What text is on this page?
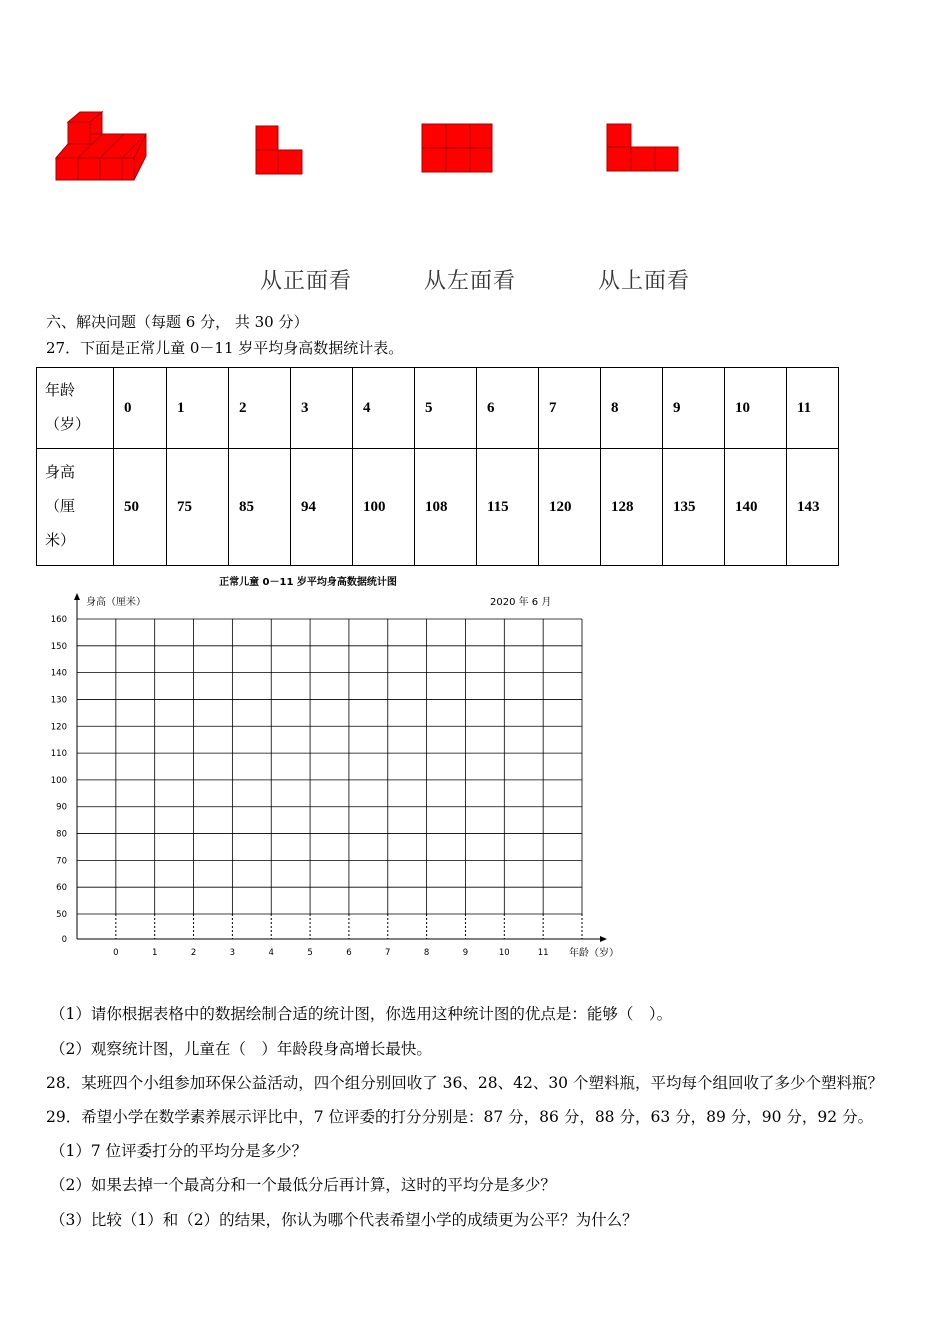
从正面看	从左面看	从上面看
六、解决问题（每题 6 分， 共 30 分）
27．下面是正常儿童 0－11 岁平均身高数据统计表。
年龄
（岁）	0	1	2	3	4	5	6	7	8	9	10	11

身高
（厘
米）	50	75	85	94	100	108	115	120	128	135	140	143
正常儿童 0－11 岁平均身高数据统计图
身高（厘米）	2020 年 6 月
年龄（岁）
0
50
60
70
80
90
100
110
120
130
140
150
160
0	1	2	3	4	5	6	7	8	9	10	11
（1）请你根据表格中的数据绘制合适的统计图，你选用这种统计图的优点是：能够（　）。
（2）观察统计图，儿童在（　）年龄段身高增长最快。
28．某班四个小组参加环保公益活动，四个组分别回收了 36、28、42、30 个塑料瓶，平均每个组回收了多少个塑料瓶？
29．希望小学在数学素养展示评比中，7 位评委的打分分别是：87 分，86 分，88 分，63 分，89 分，90 分，92 分。
（1）7 位评委打分的平均分是多少？
（2）如果去掉一个最高分和一个最低分后再计算，这时的平均分是多少？
（3）比较（1）和（2）的结果，你认为哪个代表希望小学的成绩更为公平？为什么？
